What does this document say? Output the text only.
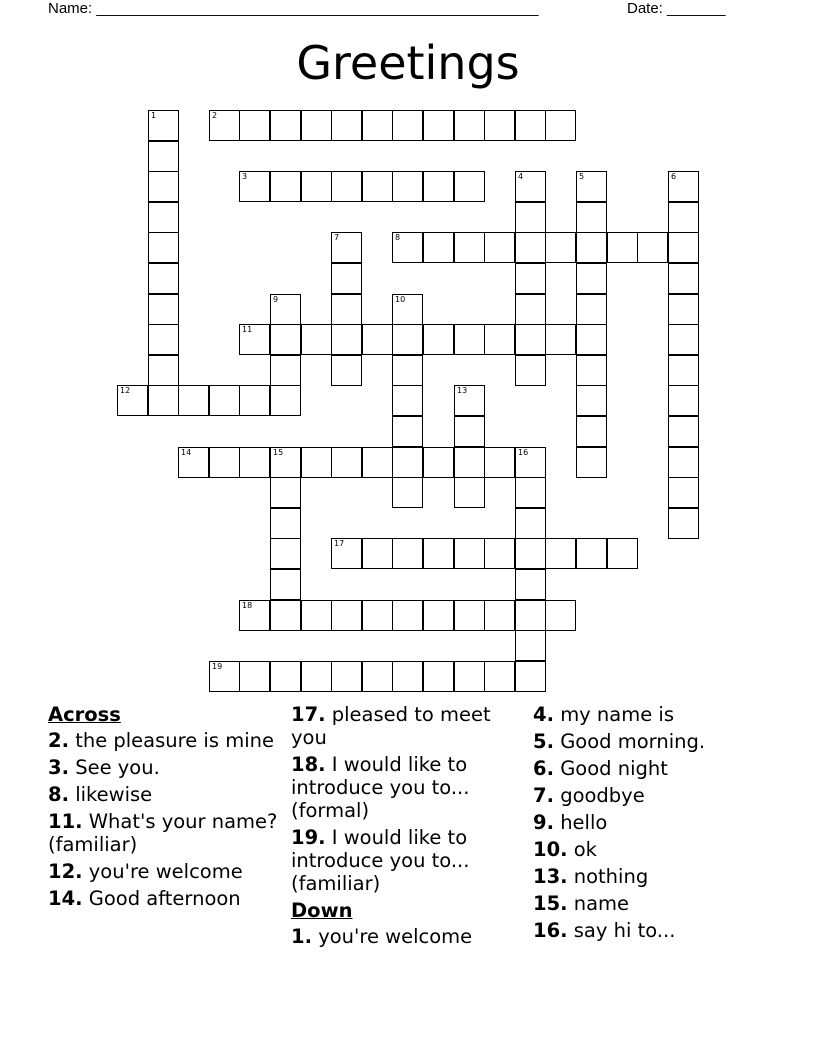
Name: _____________________________________________________	Date: _______
Greetings
1	2
3	4	5	6
7	8
9	10
11
12	13
14	15	16
17
18
19
Across
2. the pleasure is mine
3. See you.
8. likewise
11. What's your name? (familiar)
12. you're welcome
14. Good afternoon
17. pleased to meet you
18. I would like to introduce you to...(formal)
19. I would like to introduce you to...(familiar)
Down
1. you're welcome
4. my name is
5. Good morning.
6. Good night
7. goodbye
9. hello
10. ok
13. nothing
15. name
16. say hi to...
